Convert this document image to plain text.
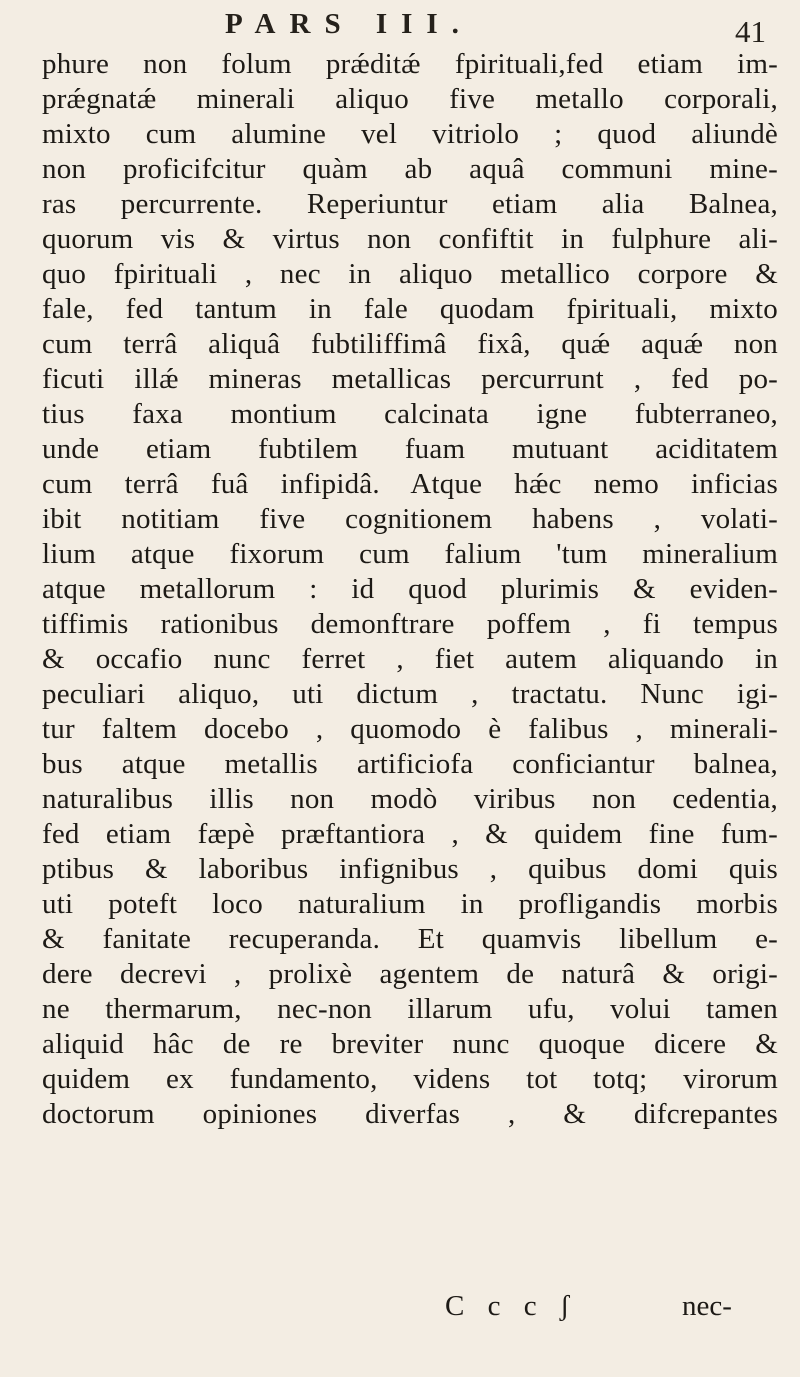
PARS III.	41
phure non folum prǽditǽ fpirituali,fed etiam im-
prǽgnatǽ minerali aliquo five metallo corporali,
mixto cum alumine vel vitriolo ; quod aliundè
non proficifcitur quàm ab aquâ communi mine-
ras percurrente. Reperiuntur etiam alia Balnea,
quorum vis & virtus non confiftit in fulphure ali-
quo fpirituali , nec in aliquo metallico corpore &
fale, fed tantum in fale quodam fpirituali, mixto
cum terrâ aliquâ fubtiliffimâ fixâ, quǽ aquǽ non
ficuti illǽ mineras metallicas percurrunt , fed po-
tius faxa montium calcinata igne fubterraneo,
unde etiam fubtilem fuam mutuant aciditatem
cum terrâ fuâ infipidâ. Atque hǽc nemo inficias
ibit notitiam five cognitionem habens , volati-
lium atque fixorum cum falium 'tum mineralium
atque metallorum : id quod plurimis & eviden-
tiffimis rationibus demonftrare poffem , fi tempus
& occafio nunc ferret , fiet autem aliquando in
peculiari aliquo, uti dictum , tractatu. Nunc igi-
tur faltem docebo , quomodo è falibus , minerali-
bus atque metallis artificiofa conficiantur balnea,
naturalibus illis non modò viribus non cedentia,
fed etiam fæpè præftantiora , & quidem fine fum-
ptibus & laboribus infignibus , quibus domi quis
uti poteft loco naturalium in profligandis morbis
& fanitate recuperanda. Et quamvis libellum e-
dere decrevi , prolixè agentem de naturâ & origi-
ne thermarum, nec-non illarum ufu, volui tamen
aliquid hâc de re breviter nunc quoque dicere &
quidem ex fundamento, videns tot totq; virorum
doctorum opiniones diverfas , & difcrepantes
C c c ʃ	nec-
